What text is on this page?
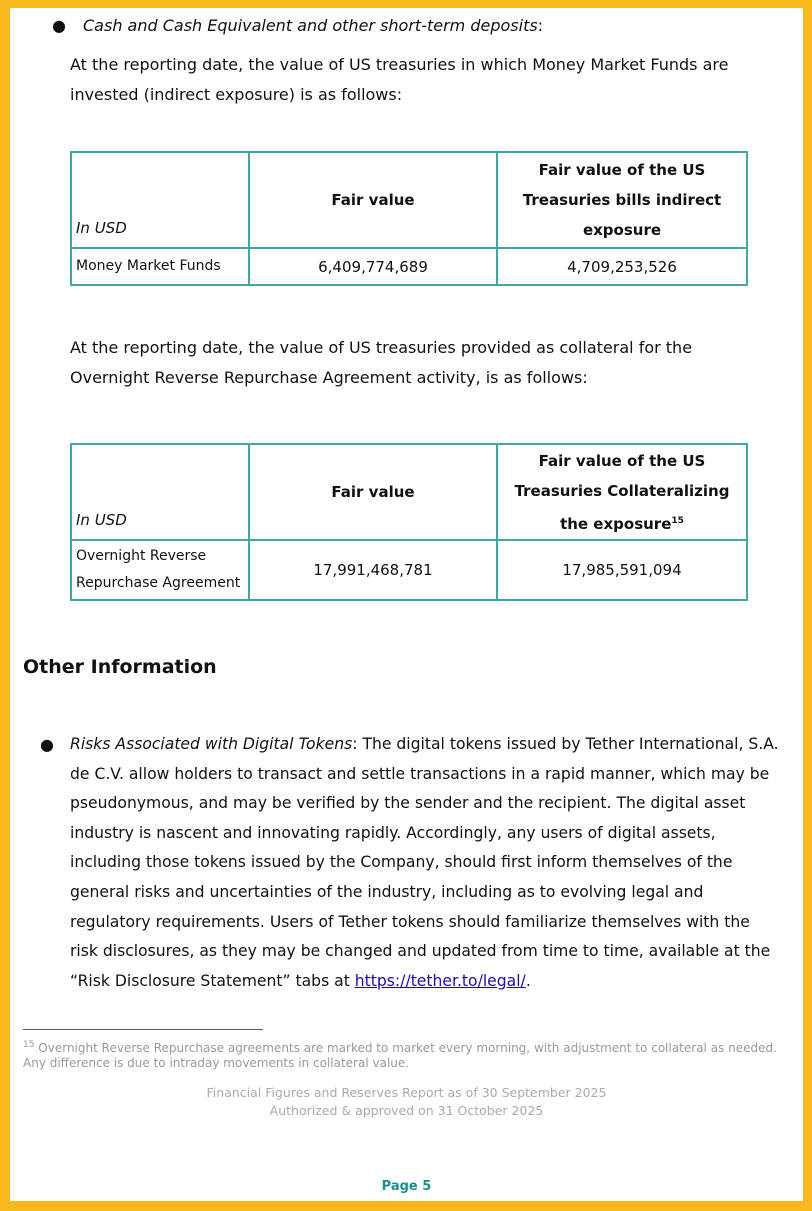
● Cash and Cash Equivalent and other short-term deposits:
At the reporting date, the value of US treasuries in which Money Market Funds are invested (indirect exposure) is as follows:
In USD	Fair value	Fair value of the US Treasuries bills indirect exposure
Money Market Funds	6,409,774,689	4,709,253,526
At the reporting date, the value of US treasuries provided as collateral for the Overnight Reverse Repurchase Agreement activity, is as follows:
In USD	Fair value	Fair value of the US Treasuries Collateralizing the exposure$^{15}$
Overnight Reverse Repurchase Agreement	17,991,468,781	17,985,591,094
Other Information
● Risks Associated with Digital Tokens: The digital tokens issued by Tether International, S.A. de C.V. allow holders to transact and settle transactions in a rapid manner, which may be pseudonymous, and may be verified by the sender and the recipient. The digital asset industry is nascent and innovating rapidly. Accordingly, any users of digital assets, including those tokens issued by the Company, should first inform themselves of the general risks and uncertainties of the industry, including as to evolving legal and regulatory requirements. Users of Tether tokens should familiarize themselves with the risk disclosures, as they may be changed and updated from time to time, available at the “Risk Disclosure Statement” tabs at https://tether.to/legal/.
$^{15}$ Overnight Reverse Repurchase agreements are marked to market every morning, with adjustment to collateral as needed. Any difference is due to intraday movements in collateral value.
Financial Figures and Reserves Report as of 30 September 2025
Authorized & approved on 31 October 2025
Page 5
